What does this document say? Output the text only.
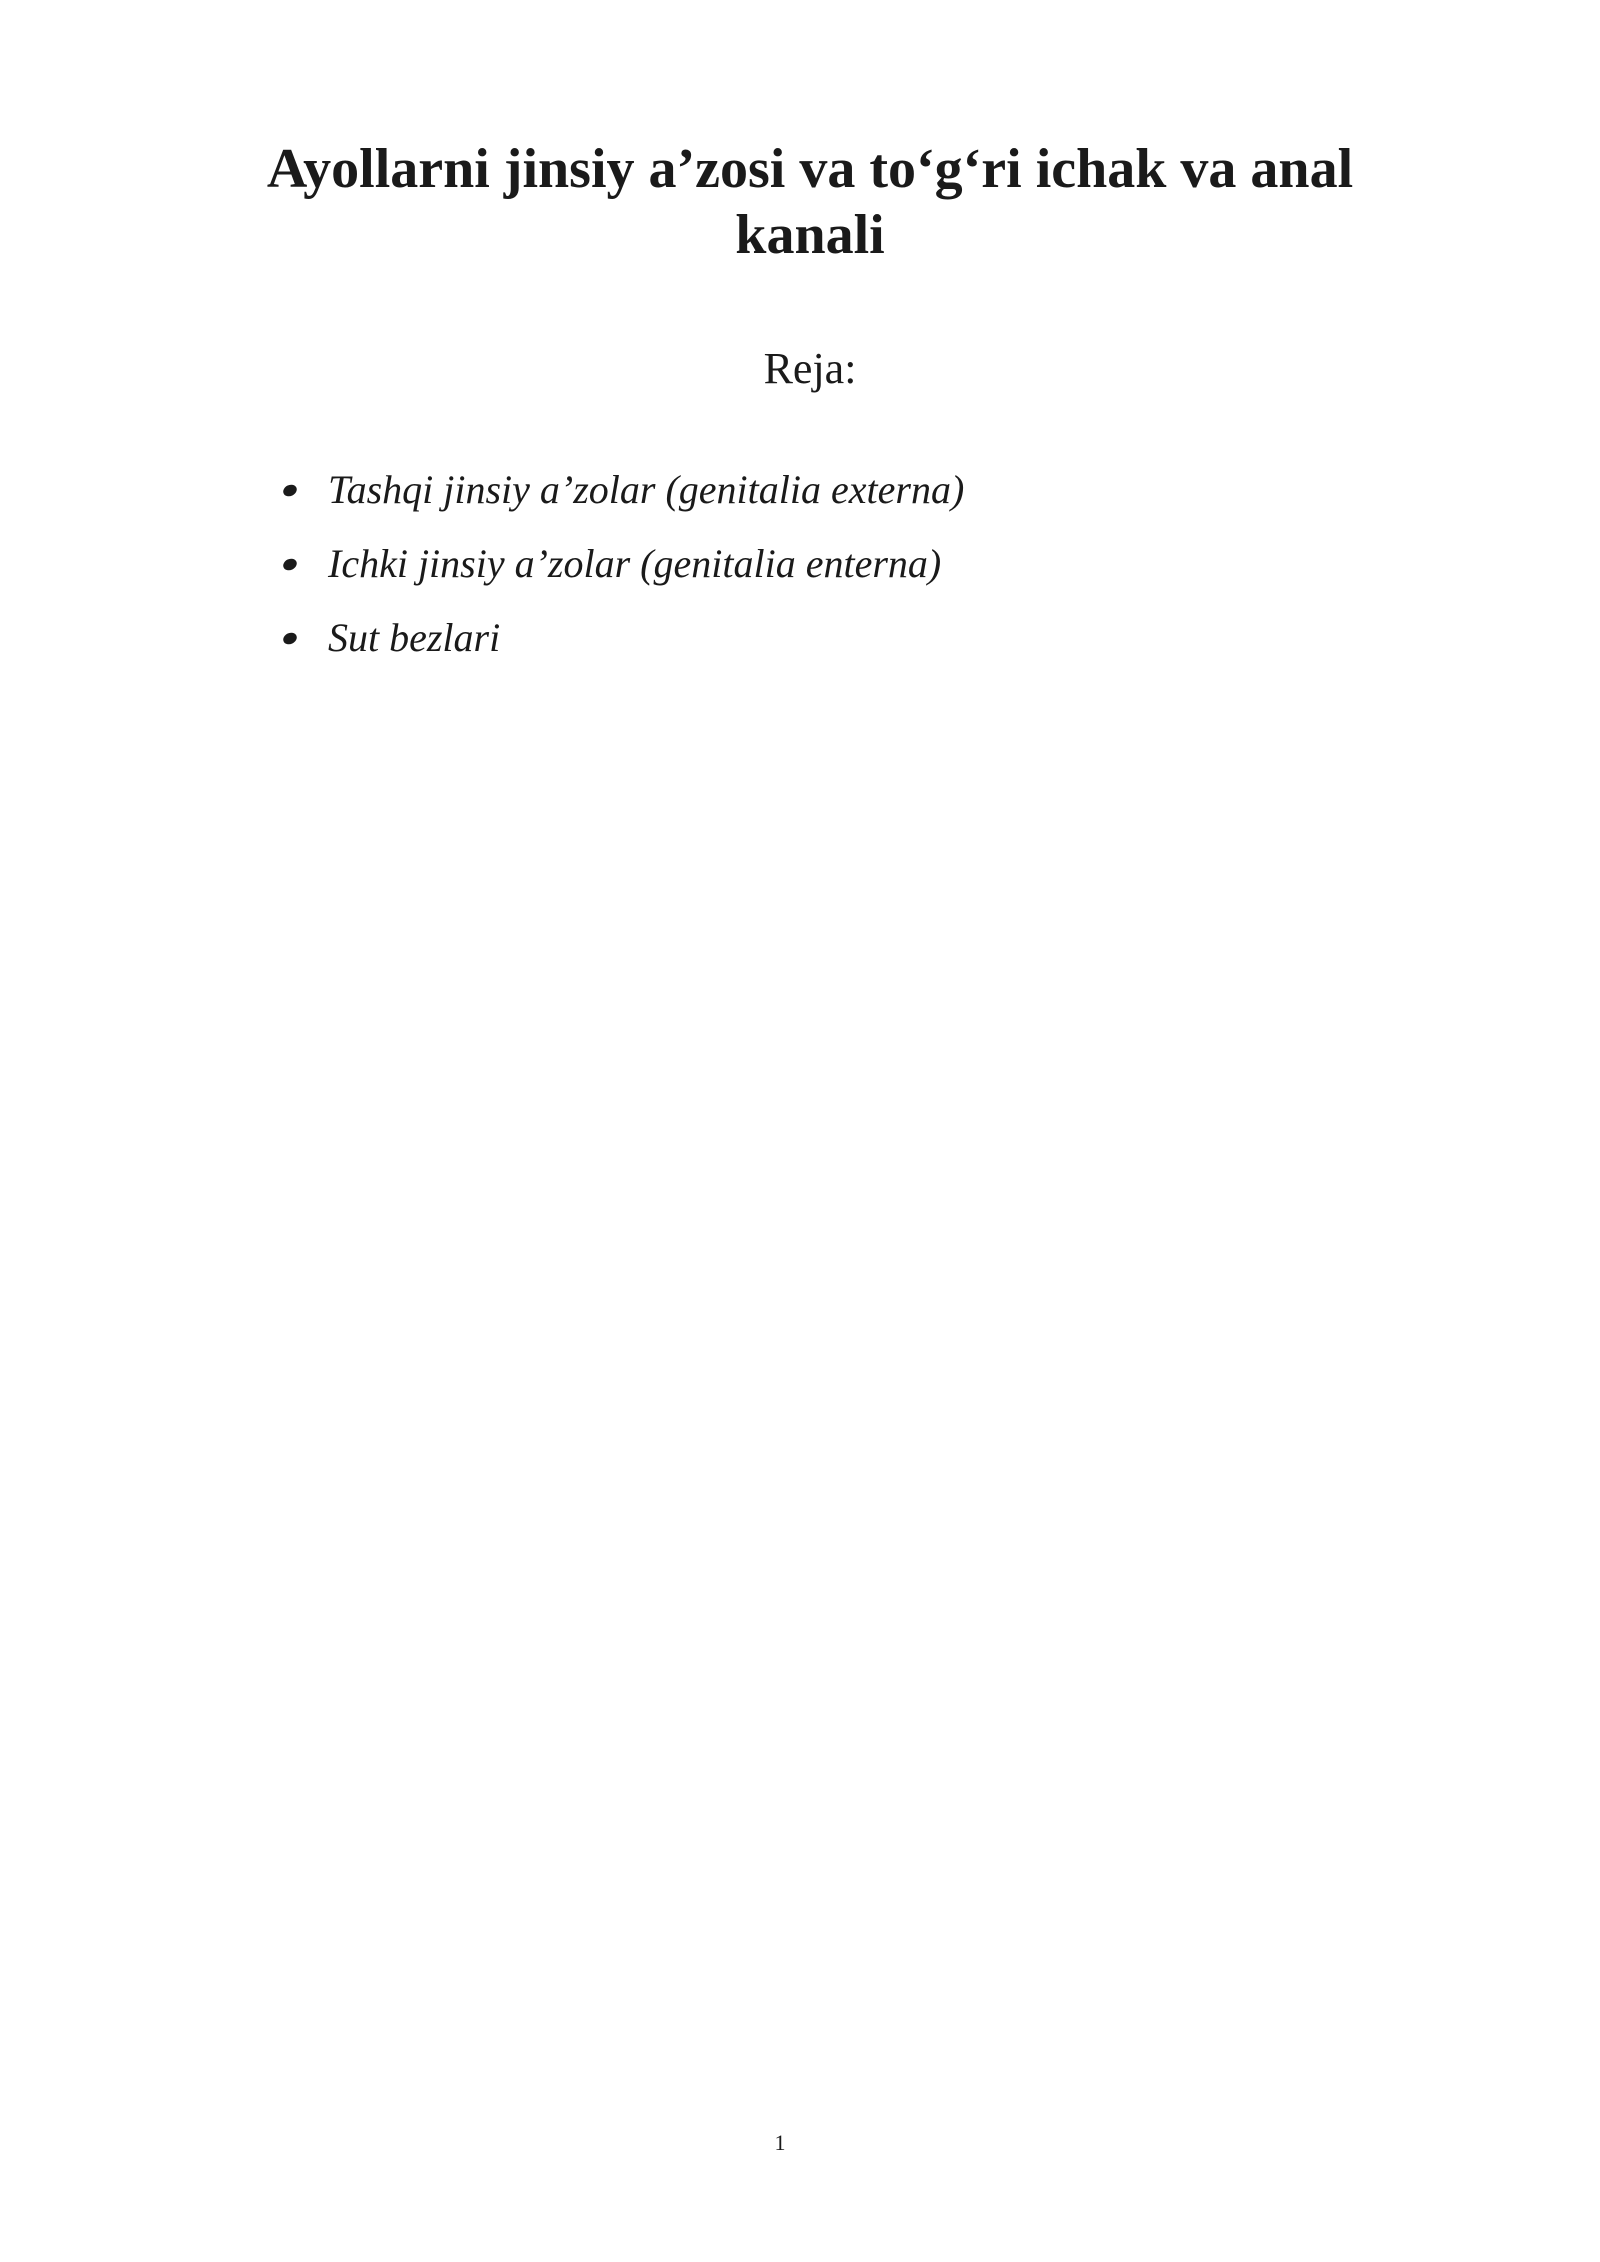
Ayollarni jinsiy a’zosi va to‘g‘ri ichak va anal kanali

Reja:

Tashqi jinsiy a’zolar (genitalia externa)
Ichki jinsiy a’zolar (genitalia enterna)
Sut bezlari

1
